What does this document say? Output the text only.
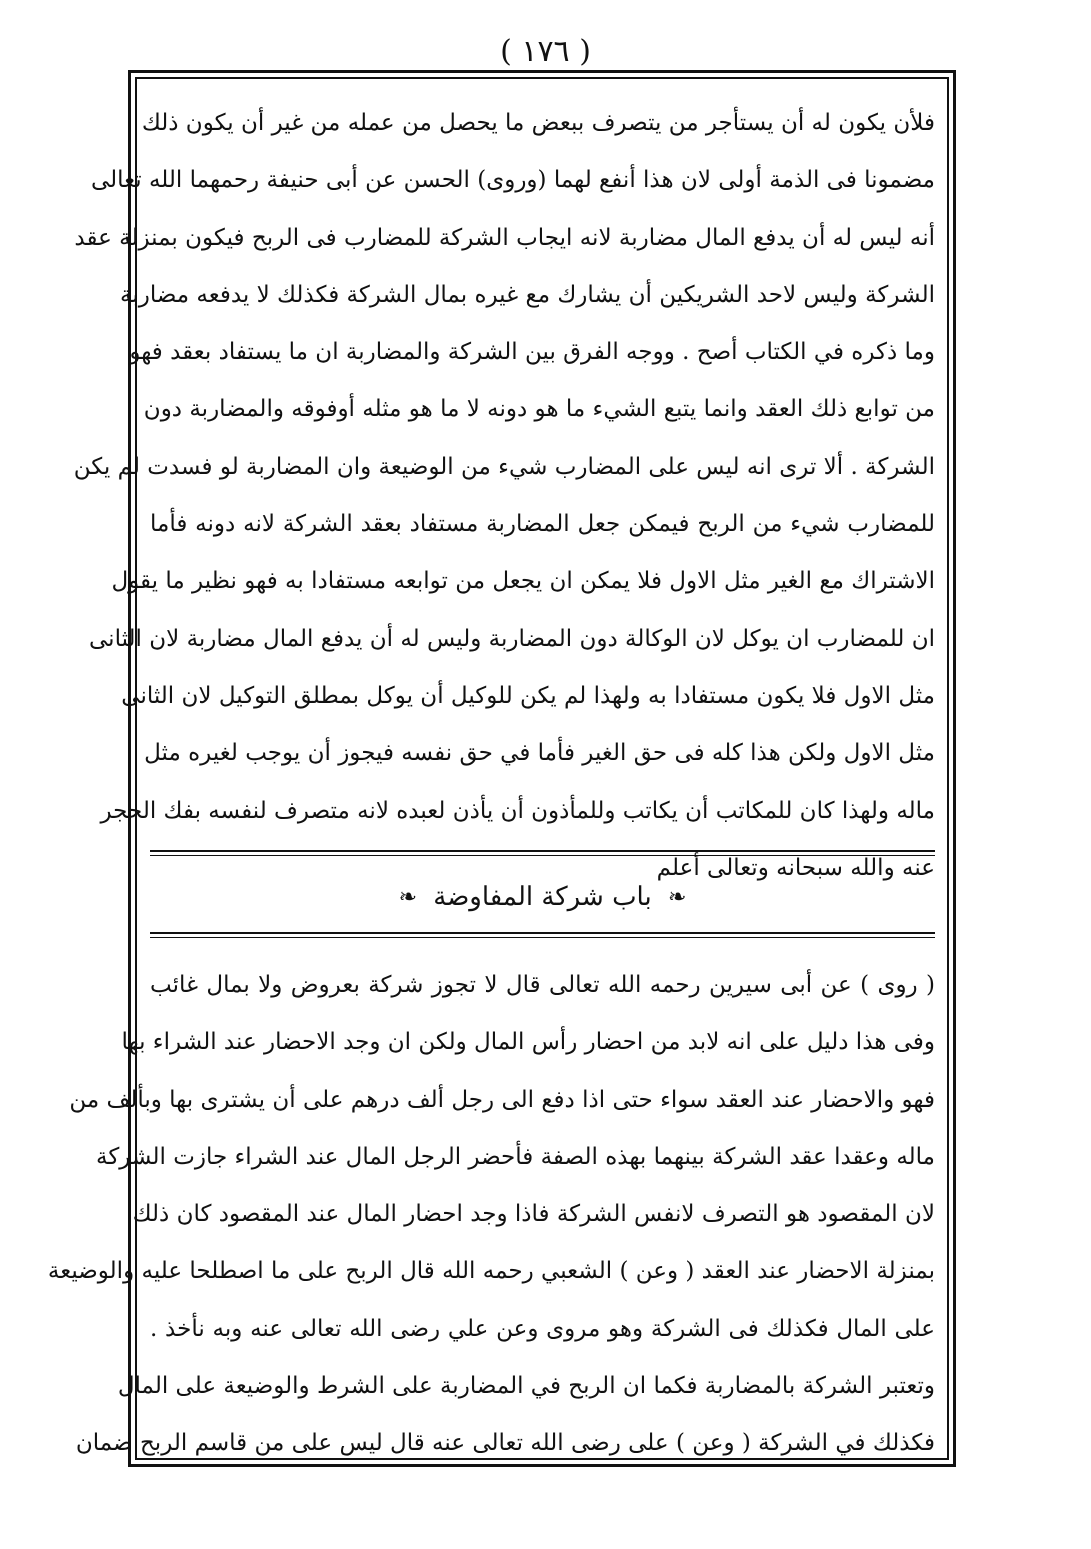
( ١٧٦ )
فلأن يكون له أن يستأجر من يتصرف ببعض ما يحصل من عمله من غير أن يكون ذلك
مضمونا فى الذمة أولى لان هذا أنفع لهما (وروى) الحسن عن أبى حنيفة رحمهما الله تعالى
أنه ليس له أن يدفع المال مضاربة لانه ايجاب الشركة للمضارب فى الربح فيكون بمنزلة عقد
الشركة وليس لاحد الشريكين أن يشارك مع غيره بمال الشركة فكذلك لا يدفعه مضاربة
وما ذكره في الكتاب أصح . ووجه الفرق بين الشركة والمضاربة ان ما يستفاد بعقد فهو
من توابع ذلك العقد وانما يتبع الشيء ما هو دونه لا ما هو مثله أوفوقه والمضاربة دون
الشركة . ألا ترى انه ليس على المضارب شيء من الوضيعة وان المضاربة لو فسدت لم يكن
للمضارب شيء من الربح فيمكن جعل المضاربة مستفاد بعقد الشركة لانه دونه فأما
الاشتراك مع الغير مثل الاول فلا يمكن ان يجعل من توابعه مستفادا به فهو نظير ما يقول
ان للمضارب ان يوكل لان الوكالة دون المضاربة وليس له أن يدفع المال مضاربة لان الثانى
مثل الاول فلا يكون مستفادا به ولهذا لم يكن للوكيل أن يوكل بمطلق التوكيل لان الثانى
مثل الاول ولكن هذا كله فى حق الغير فأما في حق نفسه فيجوز أن يوجب لغيره مثل
ماله ولهذا كان للمكاتب أن يكاتب وللمأذون أن يأذن لعبده لانه متصرف لنفسه بفك الحجر
عنه والله سبحانه وتعالى أعلم
❧ باب شركة المفاوضة ❧
( روى ) عن أبى سيرين رحمه الله تعالى قال لا تجوز شركة بعروض ولا بمال غائب
وفى هذا دليل على انه لابد من احضار رأس المال ولكن ان وجد الاحضار عند الشراء بها
فهو والاحضار عند العقد سواء حتى اذا دفع الى رجل ألف درهم على أن يشترى بها وبألف من
ماله وعقدا عقد الشركة بينهما بهذه الصفة فأحضر الرجل المال عند الشراء جازت الشركة
لان المقصود هو التصرف لانفس الشركة فاذا وجد احضار المال عند المقصود كان ذلك
بمنزلة الاحضار عند العقد ( وعن ) الشعبي رحمه الله قال الربح على ما اصطلحا عليه والوضيعة
على المال فكذلك فى الشركة وهو مروى وعن علي رضى الله تعالى عنه وبه نأخذ .
وتعتبر الشركة بالمضاربة فكما ان الربح في المضاربة على الشرط والوضيعة على المال
فكذلك في الشركة ( وعن ) على رضى الله تعالى عنه قال ليس على من قاسم الربح ضمان
